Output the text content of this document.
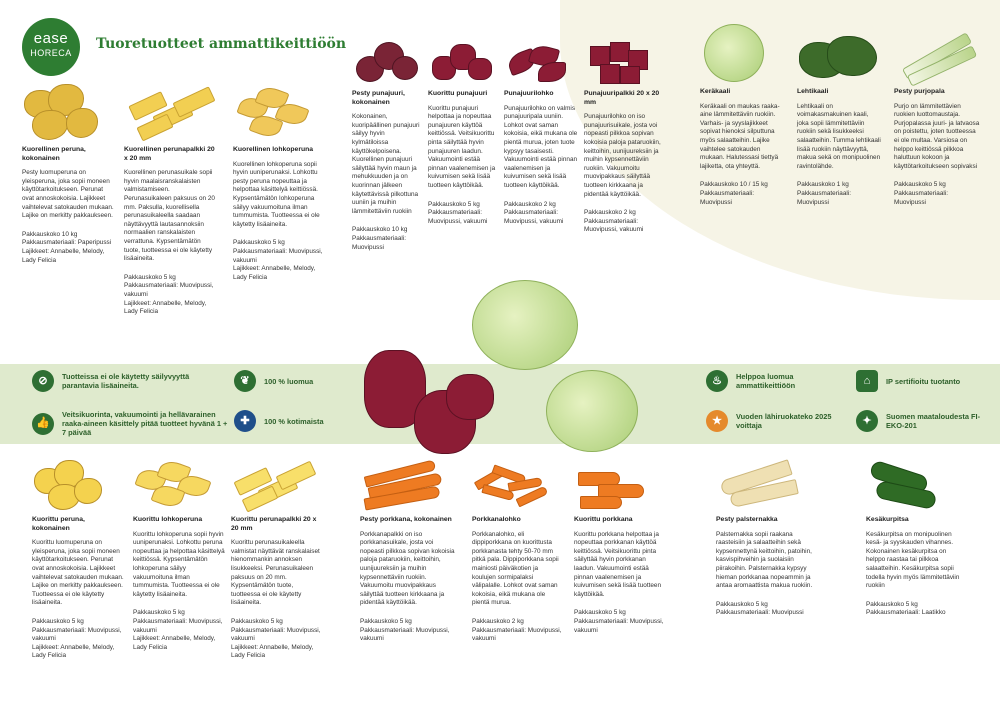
ease
HORECA
Tuoretuotteet ammattikeittiöön
⊘	Tuotteissa ei ole käytetty säilyvyyttä parantavia lisäaineita.
👍
Veitsikuorinta, vakuumointi ja hellävarainen raaka-aineen käsittely pitää tuotteet hyvänä 1 + 7 päivää
❦	100 % luomua
✚	100 % kotimaista
♨	Helppoa luomua ammattikeittiöön
★	Vuoden lähiruokateko 2025 voittaja
⌂	IP sertifioitu tuotanto
✦	Suomen maataloudesta FI-EKO-201
Kuorellinen peruna, kokonainen

Pesty luomuperuna on yleisperuna, joka sopii moneen käyttötarkoitukseen. Perunat ovat annoskokoisia. Lajikkeet vaihtelevat satokauden mukaan. Lajike on merkitty pakkaukseen.

Pakkauskoko 10 kg

Pakkausmateriaali: Paperipussi

Lajikkeet: Annabelle, Melody, Lady Felicia

Kuorellinen perunapalkki 20 x 20 mm

Kuorellinen perunasuikale sopii hyvin maalaisranskalaisten valmistamiseen. Perunasuikaleen paksuus on 20 mm. Paksulla, kuorellisella perunasuikaleella saadaan näyttävyyttä lautasannoksiin normaalien ranskalaisten verrattuna. Kypsentämätön tuote, tuotteessa ei ole käytetty lisäaineita.

Pakkauskoko 5 kg

Pakkausmateriaali: Muovipussi, vakuumi

Lajikkeet: Annabelle, Melody, Lady Felicia

Kuorellinen lohkoperuna

Kuorellinen lohkoperuna sopii hyvin uuniperunaksi. Lohkottu pesty peruna nopeuttaa ja helpottaa käsittelyä keittiössä. Kypsentämätön lohkoperuna säilyy vakuumoituna ilman tummumista. Tuotteessa ei ole käytetty lisäaineita.

Pakkauskoko 5 kg

Pakkausmateriaali: Muovipussi, vakuumi

Lajikkeet: Annabelle, Melody, Lady Felicia

Pesty punajuuri, kokonainen

Kokonainen, kuoripäällinen punajuuri säilyy hyvin kylmätiloissa käyttökelpoisena. Kuorellinen punajuuri säilyttää hyvin maun ja mehukkuuden ja on kuorinnan jälkeen käytettävissä pilkottuna uuniin ja muihin lämmitettäviin ruokiin

Pakkauskoko 10 kg

Pakkausmateriaali: Muovipussi

Kuorittu punajuuri

Kuorittu punajuuri helpottaa ja nopeuttaa punajuuren käyttöä keittiössä. Veitsikuorittu pinta säilyttää hyvin punajuuren laadun. Vakuumointi estää pinnan vaalenemisen ja kuivumisen sekä lisää tuotteen käyttöikää.

Pakkauskoko 5 kg

Pakkausmateriaali: Muovipussi, vakuumi

Punajuurilohko

Punajuurilohko on valmis punajuuripala uuniin. Lohkot ovat saman kokoisia, eikä mukana ole pientä murua, joten tuote kypsyy tasaisesti. Vakuumointi estää pinnan vaalenemisen ja kuivumisen sekä lisää tuotteen käyttöikää.

Pakkauskoko 2 kg

Pakkausmateriaali: Muovipussi, vakuumi

Punajuuripalkki 20 x 20 mm

Punajuurilohko on iso punajuurisuikale, josta voi nopeasti pilkkoa sopivan kokoisia paloja pataruokiin, keittoihin, uunijuureksiin ja muihin kypsennettäviin ruokiin. Vakuumoitu muovipakkaus säilyttää tuotteen kirkkaana ja pidentää käyttöikää.

Pakkauskoko 2 kg

Pakkausmateriaali: Muovipussi, vakuumi

Keräkaali

Keräkaali on maukas raaka-aine lämmitettäviin ruokiin. Varhais- ja syyslajikkeet sopivat hienoksi silputtuna myös salaatteihin. Lajike vaihtelee satokauden mukaan. Halutessasi tiettyä lajiketta, ota yhteyttä.

Pakkauskoko 10 / 15 kg

Pakkausmateriaali: Muovipussi

Lehtikaali

Lehtikaali on voimakasmakuinen kaali, joka sopii lämmitettäviin ruokiin sekä lisukkeeksi salaatteihin. Tumma lehtikaali lisää ruokiin näyttävyyttä, makua sekä on monipuolinen ravintolähde.

Pakkauskoko 1 kg

Pakkausmateriaali: Muovipussi

Pesty purjopala

Purjo on lämmitettävien ruokien luottomaustaja. Purjopalassa juuri- ja latvaosa on poistettu, joten tuotteessa ei ole multaa. Varsiosa on helppo keittiössä pilkkoa haluttuun kokoon ja käyttötarkoitukseen sopivaksi

Pakkauskoko 5 kg

Pakkausmateriaali: Muovipussi

Kuorittu peruna, kokonainen

Kuorittu luomuperuna on yleisperuna, joka sopii moneen käyttötarkoitukseen. Perunat ovat annoskokoisia. Lajikkeet vaihtelevat satokauden mukaan. Lajike on merkitty pakkaukseen. Tuotteessa ei ole käytetty lisäaineita.

Pakkauskoko 5 kg

Pakkausmateriaali: Muovipussi, vakuumi

Lajikkeet: Annabelle, Melody, Lady Felicia

Kuorittu lohkoperuna

Kuorittu lohkoperuna sopii hyvin uuniperunaksi. Lohkottu peruna nopeuttaa ja helpottaa käsittelyä keittiössä. Kypsentämätön lohkoperuna säilyy vakuumoituna ilman tummumista. Tuotteessa ei ole käytetty lisäaineita.

Pakkauskoko 5 kg

Pakkausmateriaali: Muovipussi, vakuumi

Lajikkeet: Annabelle, Melody, Lady Felicia

Kuorittu perunapalkki 20 x 20 mm

Kuorittu perunasuikaleella valmistat näyttävät ranskalaiset hienommankin annoksen lisukkeeksi. Perunasuikaleen paksuus on 20 mm. Kypsentämätön tuote, tuotteessa ei ole käytetty lisäaineita.

Pakkauskoko 5 kg

Pakkausmateriaali: Muovipussi, vakuumi

Lajikkeet: Annabelle, Melody, Lady Felicia

Pesty porkkana, kokonainen

Porkkanapalkki on iso porkkanasuikale, josta voi nopeasti pilkkoa sopivan kokoisia paloja pataruokiin, keittoihin, uunijuureksiin ja muihin kypsennettäviin ruokiin. Vakuumoitu muovipakkaus säilyttää tuotteen kirkkaana ja pidentää käyttöikää.

Pakkauskoko 5 kg

Pakkausmateriaali: Muovipussi, vakuumi

Porkkanalohko

Porkkanalohko, eli dippiporkkana on kuorittusta porkkanasta tehty 50-70 mm pitkä pala. Dippiporkkana sopii mainiosti päiväkotien ja koulujen sormipalaksi välipalalle. Lohkot ovat saman kokoisia, eikä mukana ole pientä murua.

Pakkauskoko 2 kg

Pakkausmateriaali: Muovipussi, vakuumi

Kuorittu porkkana

Kuorittu porkkana helpottaa ja nopeuttaa porkkanan käyttöä keittiössä. Veitsikuorittu pinta säilyttää hyvin porkkanan laadun. Vakuumointi estää pinnan vaalenemisen ja kuivumisen sekä lisää tuotteen käyttöikää.

Pakkauskoko 5 kg

Pakkausmateriaali: Muovipussi, vakuumi

Pesty palsternakka

Palsternakka sopii raakana raasteisiin ja salaatteihin sekä kypsennettynä keittoihin, patoihin, kasvispihveihin ja suolaisiin piirakoihin. Palsternakka kypsyy hieman porkkanaa nopeammin ja antaa aromaattista makua ruokiin.

Pakkauskoko 5 kg

Pakkausmateriaali: Muovipussi

Kesäkurpitsa

Kesäkurpitsa on monipuolinen kesä- ja syyskauden vihannes. Kokonainen kesäkurpitsa on helppo raastaa tai pilkkoa salaatteihin. Kesäkurpitsa sopii todella hyvin myös lämmitettäviin ruokiin

Pakkauskoko 5 kg

Pakkausmateriaali: Laatikko
